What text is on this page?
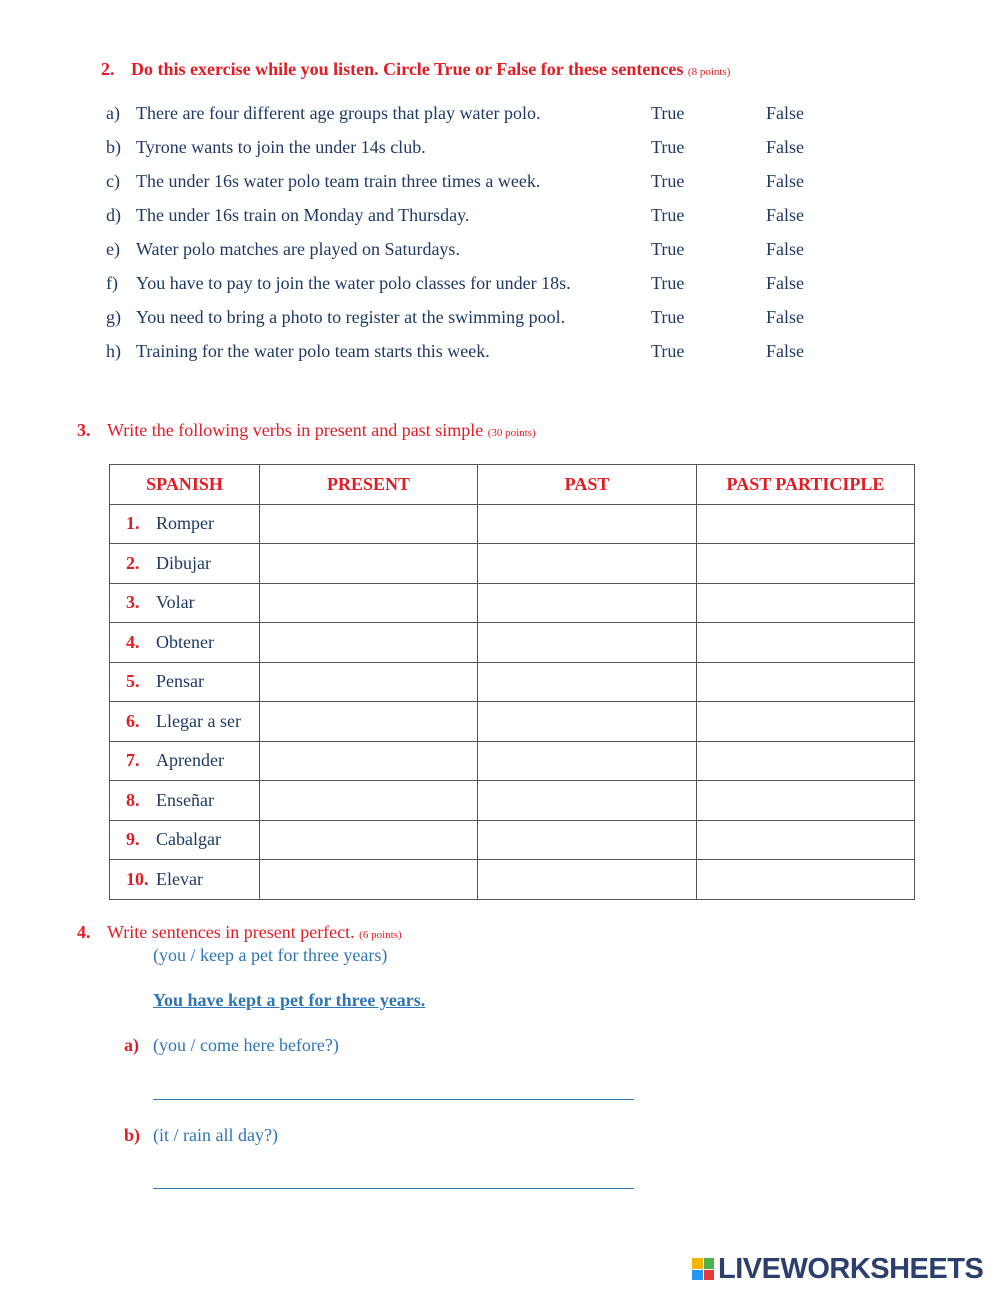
2. Do this exercise while you listen. Circle True or False for these sentences (8 points)
a) There are four different age groups that play water polo.	True	False
b) Tyrone wants to join the under 14s club.	True	False
c) The under 16s water polo team train three times a week.	True	False
d) The under 16s train on Monday and Thursday.	True	False
e) Water polo matches are played on Saturdays.	True	False
f) You have to pay to join the water polo classes for under 18s.	True	False
g) You need to bring a photo to register at the swimming pool.	True	False
h) Training for the water polo team starts this week.	True	False
3. Write the following verbs in present and past simple (30 points)
SPANISH	PRESENT	PAST	PAST PARTICIPLE
1. Romper			
2. Dibujar			
3. Volar			
4. Obtener			
5. Pensar			
6. Llegar a ser			
7. Aprender			
8. Enseñar			
9. Cabalgar			
10. Elevar			
4. Write sentences in present perfect. (6 points)
(you / keep a pet for three years)
You have kept a pet for three years.
a) (you / come here before?)
b) (it / rain all day?)
LIVEWORKSHEETS
